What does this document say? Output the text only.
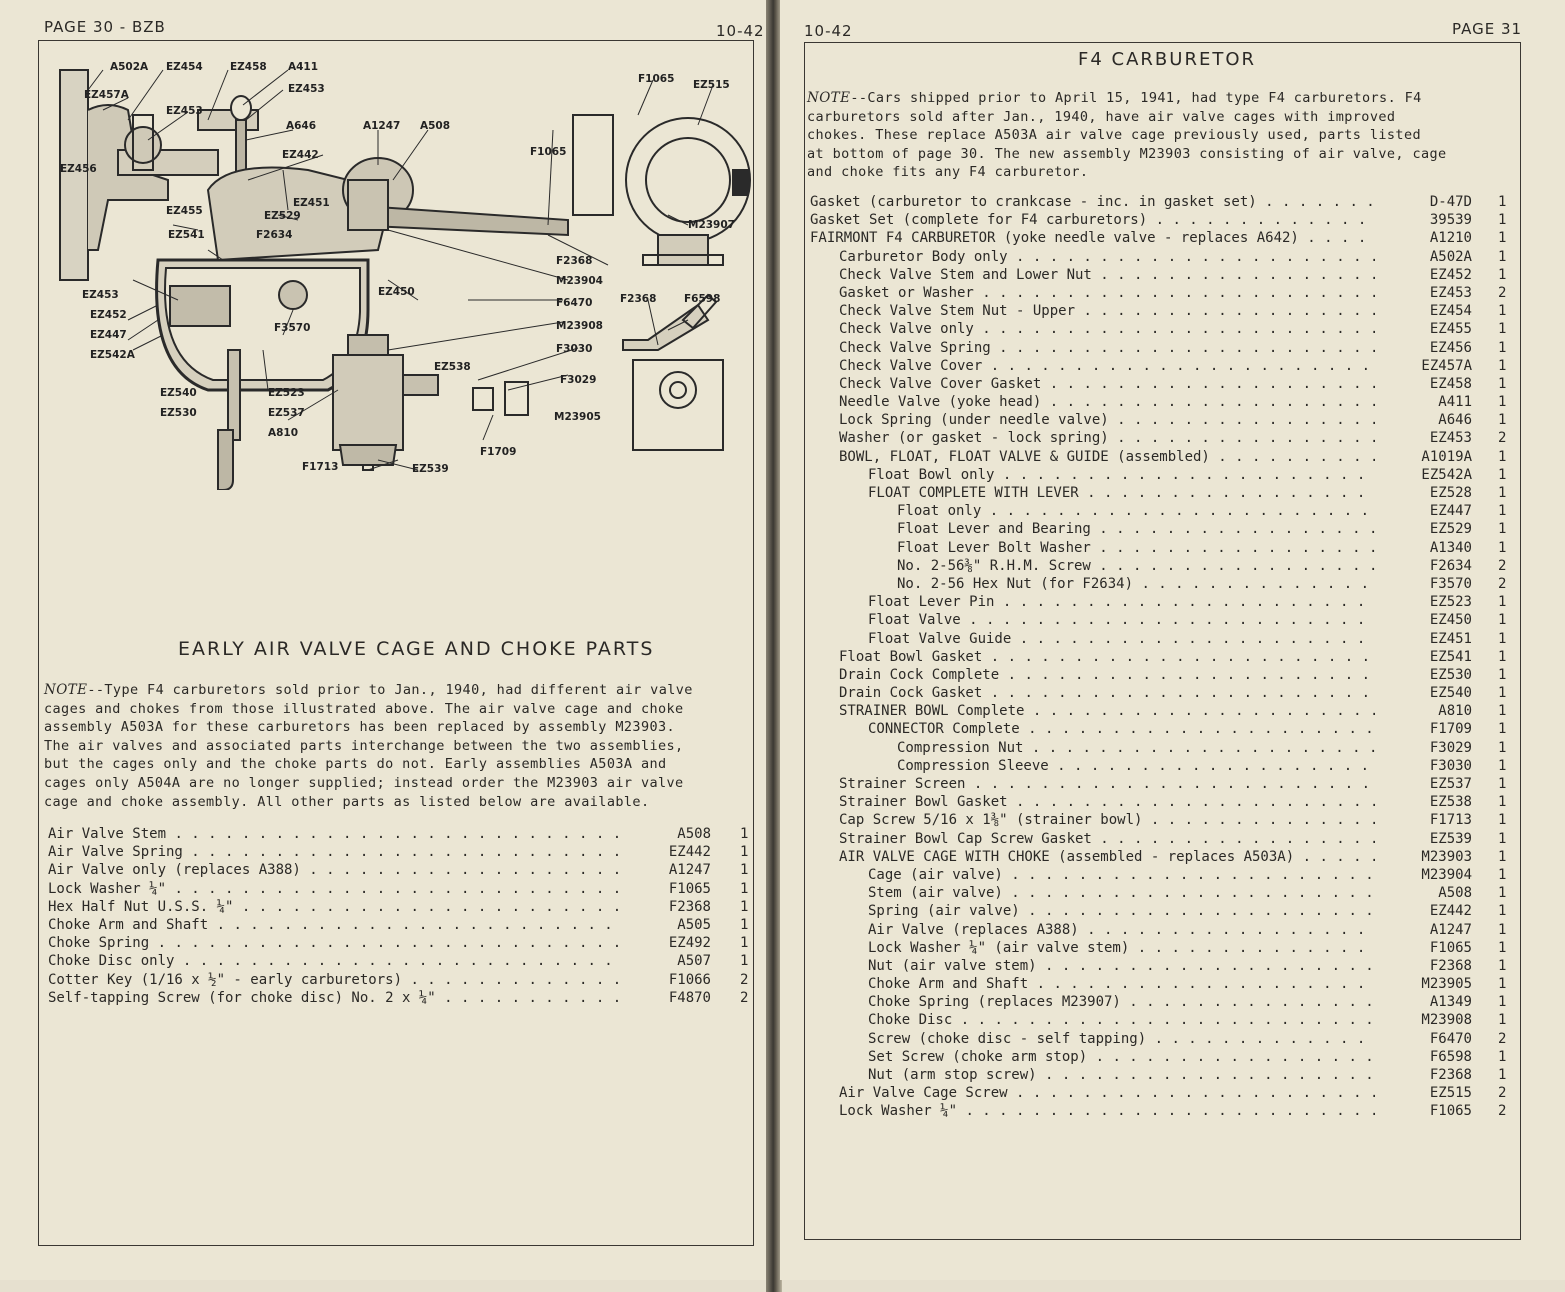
PAGE 30 - BZB	10-42
A502A EZ454	EZ458 A411
EZ457A	EZ453
EZ453
EZ456
A646	A1247 A508
EZ442
F1065 EZ515
F1065
EZ451
EZ529
EZ455
EZ541	F2634
M23907
F2368
M23904
F6470	F2368	F6598
EZ453
EZ452
EZ447
EZ542A
EZ450
F3570	M23908
F3030
EZ538
F3029
EZ540
EZ530
EZ523
EZ537
A810
M23905
F1709
F1713	EZ539
EARLY AIR VALVE CAGE AND CHOKE PARTS
NOTE--Type F4 carburetors sold prior to Jan., 1940, had different air valve
cages and chokes from those illustrated above. The air valve cage and choke
assembly A503A for these carburetors has been replaced by assembly M23903.
The air valves and associated parts interchange between the two assemblies,
but the cages only and the choke parts do not. Early assemblies A503A and
cages only A504A are no longer supplied; instead order the M23903 air valve
cage and choke assembly. All other parts as listed below are available.
Air Valve Stem . . .	A508 1
Air Valve Spring . . .	EZ442 1
Air Valve only (replaces A388) . . .	A1247 1
Lock Washer ¼" . . .	F1065 1
Hex Half Nut U.S.S. ¼" . . .	F2368 1
Choke Arm and Shaft . . .	A505 1
Choke Spring . . .	EZ492 1
Choke Disc only . . .	A507 1
Cotter Key (1/16 x ½" - early carburetors) . . .	F1066 2
Self-tapping Screw (for choke disc) No. 2 x ¼" . . .	F4870 2
10-42	PAGE 31
F4 CARBURETOR
NOTE--Cars shipped prior to April 15, 1941, had type F4 carburetors. F4
carburetors sold after Jan., 1940, have air valve cages with improved
chokes. These replace A503A air valve cage previously used, parts listed
at bottom of page 30. The new assembly M23903 consisting of air valve, cage
and choke fits any F4 carburetor.
Gasket (carburetor to crankcase - inc. in gasket set) . . .	D-47D 1
Gasket Set (complete for F4 carburetors) . . .	39539 1
FAIRMONT F4 CARBURETOR (yoke needle valve - replaces A642) . . .	A1210 1
Carburetor Body only . . .	A502A 1
Check Valve Stem and Lower Nut . . .	EZ452 1
Gasket or Washer . . .	EZ453 2
Check Valve Stem Nut - Upper . . .	EZ454 1
Check Valve only . . .	EZ455 1
Check Valve Spring . . .	EZ456 1
Check Valve Cover . . .	EZ457A 1
Check Valve Cover Gasket . . .	EZ458 1
Needle Valve (yoke head) . . .	A411 1
Lock Spring (under needle valve) . . .	A646 1
Washer (or gasket - lock spring) . . .	EZ453 2
BOWL, FLOAT, FLOAT VALVE & GUIDE (assembled) . . .	A1019A 1
Float Bowl only . . .	EZ542A 1
FLOAT COMPLETE WITH LEVER . . .	EZ528 1
Float only . . .	EZ447 1
Float Lever and Bearing . . .	EZ529 1
Float Lever Bolt Washer . . .	A1340 1
No. 2-56⅜" R.H.M. Screw . . .	F2634 2
No. 2-56 Hex Nut (for F2634) . . .	F3570 2
Float Lever Pin . . .	EZ523 1
Float Valve . . .	EZ450 1
Float Valve Guide . . .	EZ451 1
Float Bowl Gasket . . .	EZ541 1
Drain Cock Complete . . .	EZ530 1
Drain Cock Gasket . . .	EZ540 1
STRAINER BOWL Complete . . .	A810 1
CONNECTOR Complete . . .	F1709 1
Compression Nut . . .	F3029 1
Compression Sleeve . . .	F3030 1
Strainer Screen . . .	EZ537 1
Strainer Bowl Gasket . . .	EZ538 1
Cap Screw 5/16 x 1⅜" (strainer bowl) . . .	F1713 1
Strainer Bowl Cap Screw Gasket . . .	EZ539 1
AIR VALVE CAGE WITH CHOKE (assembled - replaces A503A) . . .	M23903 1
Cage (air valve) . . .	M23904 1
Stem (air valve) . . .	A508 1
Spring (air valve) . . .	EZ442 1
Air Valve (replaces A388) . . .	A1247 1
Lock Washer ¼" (air valve stem) . . .	F1065 1
Nut (air valve stem) . . .	F2368 1
Choke Arm and Shaft . . .	M23905 1
Choke Spring (replaces M23907) . . .	A1349 1
Choke Disc . . .	M23908 1
Screw (choke disc - self tapping) . . .	F6470 2
Set Screw (choke arm stop) . . .	F6598 1
Nut (arm stop screw) . . .	F2368 1
Air Valve Cage Screw . . .	EZ515 2
Lock Washer ¼" . . .	F1065 2
